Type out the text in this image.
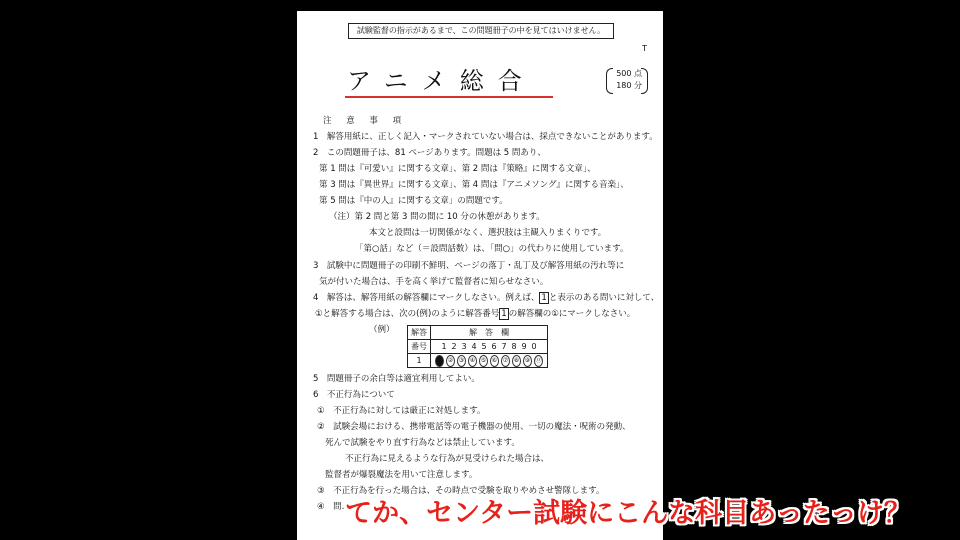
試験監督の指示があるまで、この問題冊子の中を見てはいけません。
T
アニメ総合	500 点
180 分
注 意 事 項
1　解答用紙に、正しく記入・マークされていない場合は、採点できないことがあります。
2　この問題冊子は、81 ページあります。問題は 5 問あり、
第 1 問は『可愛い』に関する文章」、第 2 問は『策略』に関する文章」、
第 3 問は『異世界』に関する文章」、第 4 問は『アニメソング』に関する音楽」、
第 5 問は『中の人』に関する文章」の問題です。
（注）第 2 問と第 3 問の間に 10 分の休憩があります。
本文と設問は一切関係がなく、選択肢は主観入りまくりです。
「第○話」など（＝設問話数）は、「問○」の代わりに使用しています。
3　試験中に問題冊子の印刷不鮮明、ページの落丁・乱丁及び解答用紙の汚れ等に
気が付いた場合は、手を高く挙げて監督者に知らせなさい。
4　解答は、解答用紙の解答欄にマークしなさい。例えば、 1 と表示のある問いに対して、
①と解答する場合は、次の(例)のように解答番号 1 の解答欄の①にマークしなさい。
（例） 解答	解　答　欄
番号	1 2 3 4 5 6 7 8 9 0
1	② ③ ④ ⑤ ⑥ ⑦ ⑧ ⑨ ⓪
5　問題冊子の余白等は適宜利用してよい。
6　不正行為について
①　不正行為に対しては厳正に対処します。
②　試験会場における、携帯電話等の電子機器の使用、一切の魔法・呪術の発動、
死んで試験をやり直す行為などは禁止しています。
不正行為に見えるような行為が見受けられた場合は、
監督者が爆裂魔法を用いて注意します。
③　不正行為を行った場合は、その時点で受験を取りやめさせ警隊します。
④　問...
てか、センター試験にこんな科目あったっけ？
